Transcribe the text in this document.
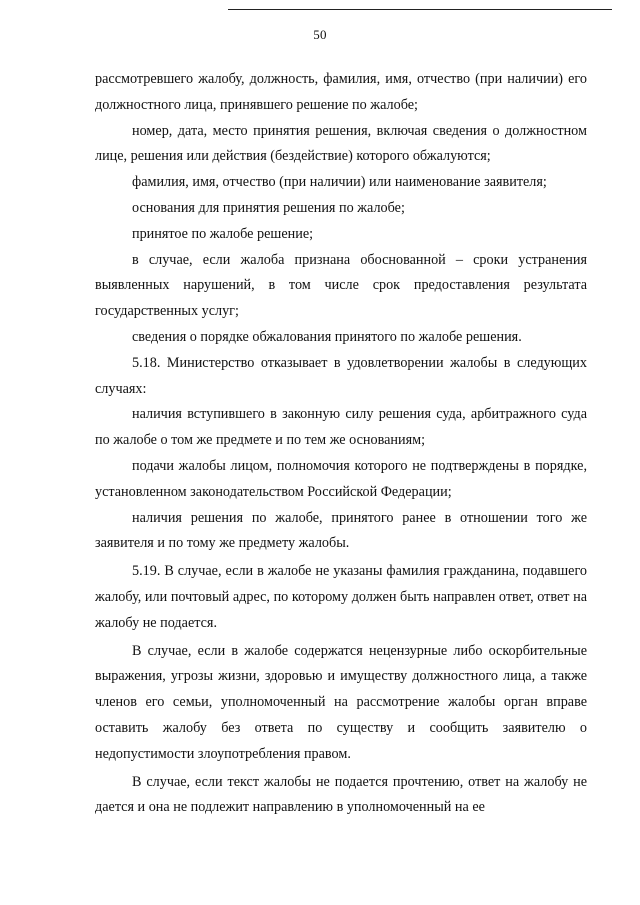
50

рассмотревшего жалобу, должность, фамилия, имя, отчество (при наличии) его должностного лица, принявшего решение по жалобе;

номер, дата, место принятия решения, включая сведения о должностном лице, решения или действия (бездействие) которого обжалуются;

фамилия, имя, отчество (при наличии) или наименование заявителя;

основания для принятия решения по жалобе;

принятое по жалобе решение;

в случае, если жалоба признана обоснованной – сроки устранения выявленных нарушений, в том числе срок предоставления результата государственных услуг;

сведения о порядке обжалования принятого по жалобе решения.

5.18. Министерство отказывает в удовлетворении жалобы в следующих случаях:

наличия вступившего в законную силу решения суда, арбитражного суда по жалобе о том же предмете и по тем же основаниям;

подачи жалобы лицом, полномочия которого не подтверждены в порядке, установленном законодательством Российской Федерации;

наличия решения по жалобе, принятого ранее в отношении того же заявителя и по тому же предмету жалобы.

5.19. В случае, если в жалобе не указаны фамилия гражданина, подавшего жалобу, или почтовый адрес, по которому должен быть направлен ответ, ответ на жалобу не подается.

В случае, если в жалобе содержатся нецензурные либо оскорбительные выражения, угрозы жизни, здоровью и имуществу должностного лица, а также членов его семьи, уполномоченный на рассмотрение жалобы орган вправе оставить жалобу без ответа по существу и сообщить заявителю о недопустимости злоупотребления правом.

В случае, если текст жалобы не подается прочтению, ответ на жалобу не дается и она не подлежит направлению в уполномоченный на ее
